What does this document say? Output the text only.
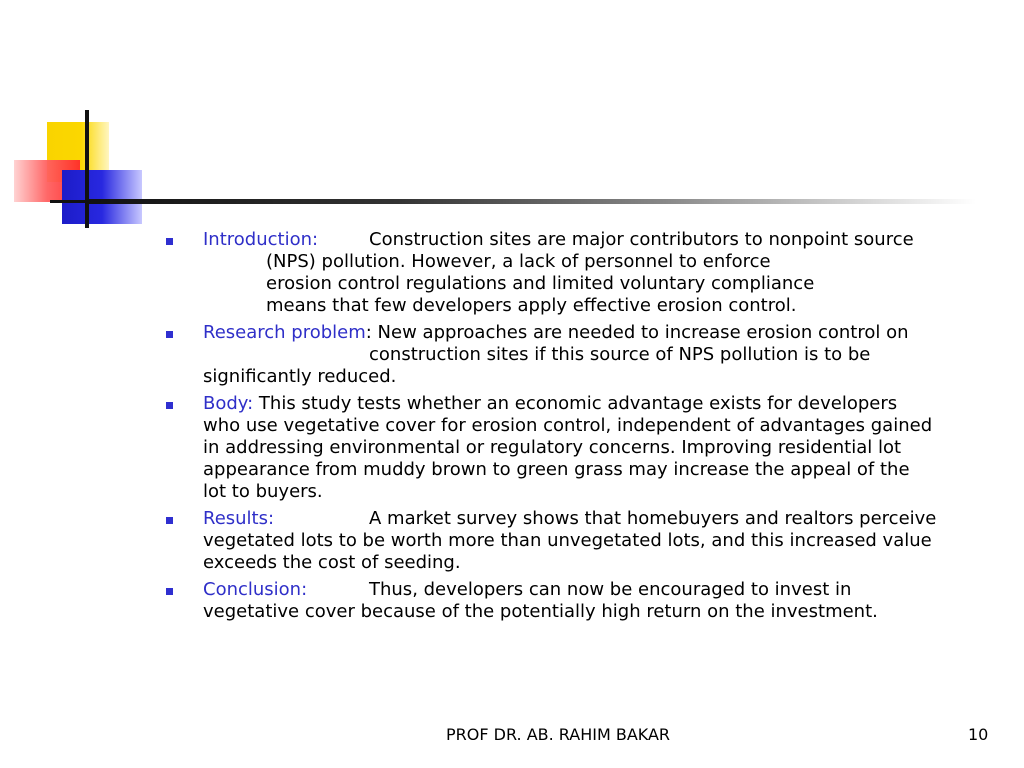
Introduction:	Construction sites are major contributors to nonpoint source
(NPS) pollution. However, a lack of personnel to enforce
erosion control regulations and limited voluntary compliance
means that few developers apply effective erosion control.
Research problem: New approaches are needed to increase erosion control on
construction sites if this source of NPS pollution is to be
significantly reduced.
Body: This study tests whether an economic advantage exists for developers
who use vegetative cover for erosion control, independent of advantages gained
in addressing environmental or regulatory concerns. Improving residential lot
appearance from muddy brown to green grass may increase the appeal of the
lot to buyers.
Results:	A market survey shows that homebuyers and realtors perceive
vegetated lots to be worth more than unvegetated lots, and this increased value
exceeds the cost of seeding.
Conclusion:	Thus, developers can now be encouraged to invest in
vegetative cover because of the potentially high return on the investment.
PROF DR. AB. RAHIM BAKAR	10
